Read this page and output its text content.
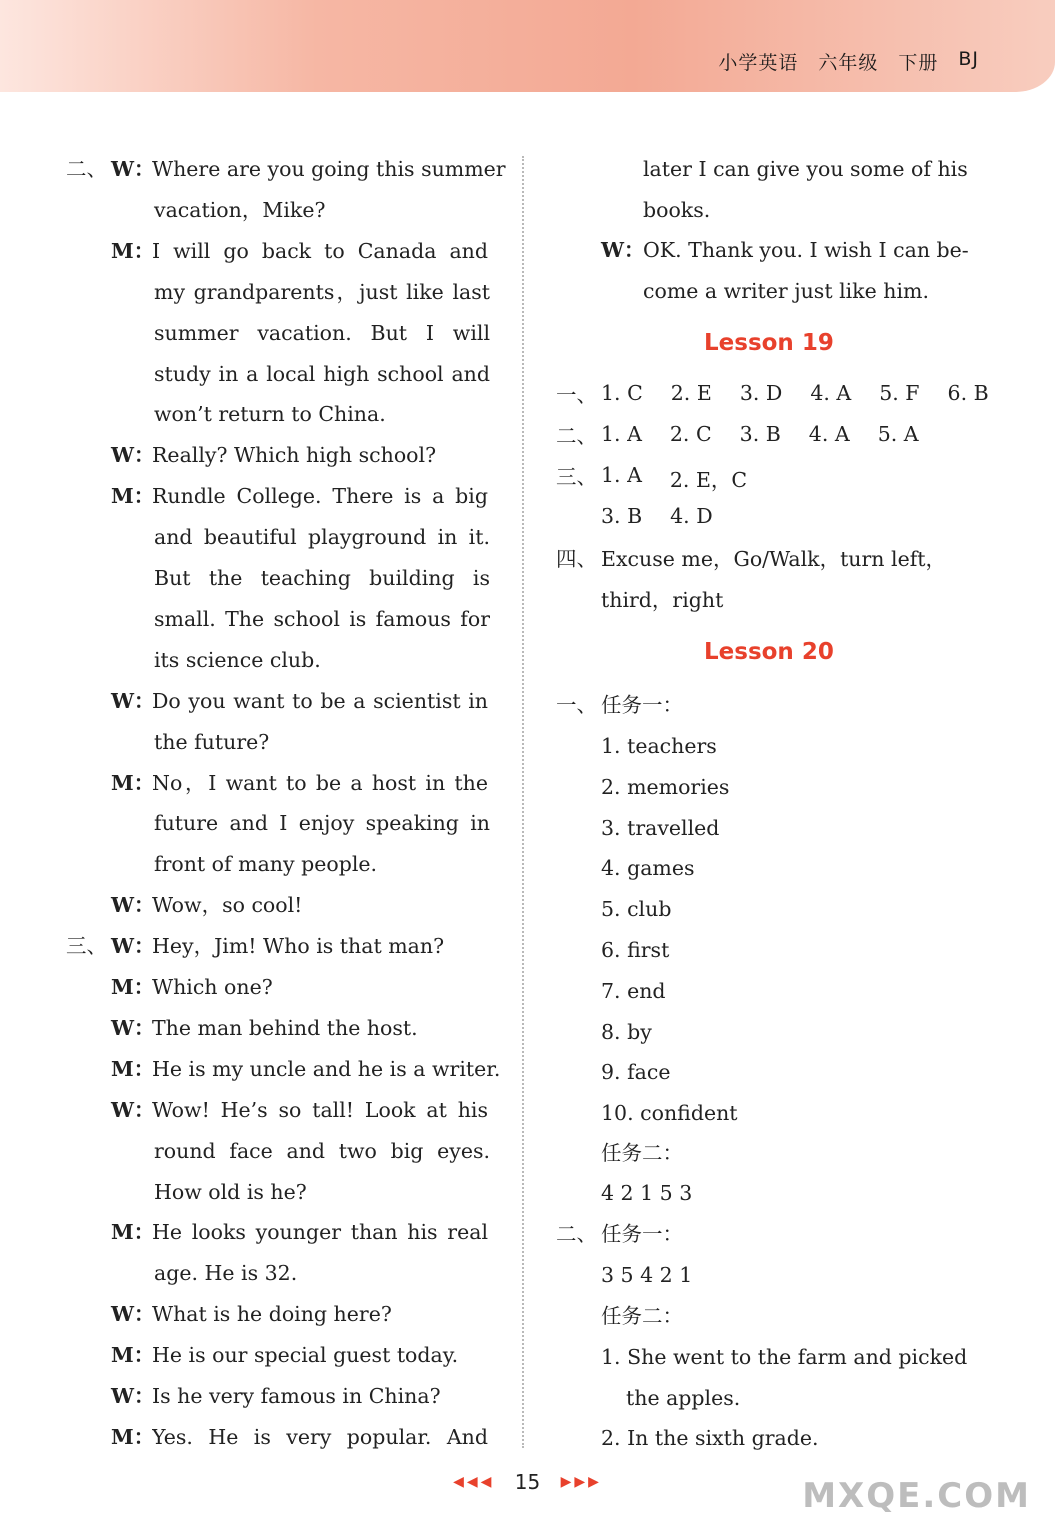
小学英语 六年级 下册 BJ
二、
三、
W：
Where are you going this summer
vacation，Mike?
M：
I will go back to Canada and
my grandparents，just like last
summer vacation. But I will
study in a local high school and
won’t return to China.
W：
Really? Which high school?
M：
Rundle College. There is a big
and beautiful playground in it.
But the teaching building is
small. The school is famous for
its science club.
W：
Do you want to be a scientist in
the future?
M：
No，I want to be a host in the
future and I enjoy speaking in
front of many people.
W：
Wow，so cool!
W：
Hey，Jim! Who is that man?
M：
Which one?
W：
The man behind the host.
M：
He is my uncle and he is a writer.
W：
Wow! He’s so tall! Look at his
round face and two big eyes.
How old is he?
M：
He looks younger than his real
age. He is 32.
W：
What is he doing here?
M：
He is our special guest today.
W：
Is he very famous in China?
M：
Yes. He is very popular. And
later I can give you some of his
books.
W：
OK. Thank you. I wish I can be-
come a writer just like him.
Lesson 19
一、 1. C 2. E 3. D 4. A 5. F 6. B
二、 1. A 2. C 3. B 4. A 5. A
三、 1. A 2. E，C
3. B 4. D
四、 Excuse me，Go/Walk，turn left，
third，right
Lesson 20
一、 任务一：
1. teachers
2. memories
3. travelled
4. games
5. club
6. first
7. end
8. by
9. face
10. confident
任务二：
4 2 1 5 3
二、 任务一：
3 5 4 2 1
任务二：
1. She went to the farm and picked
the apples.
2. In the sixth grade.
◀◀◀ 15 ▶▶▶	MXQE.COM
